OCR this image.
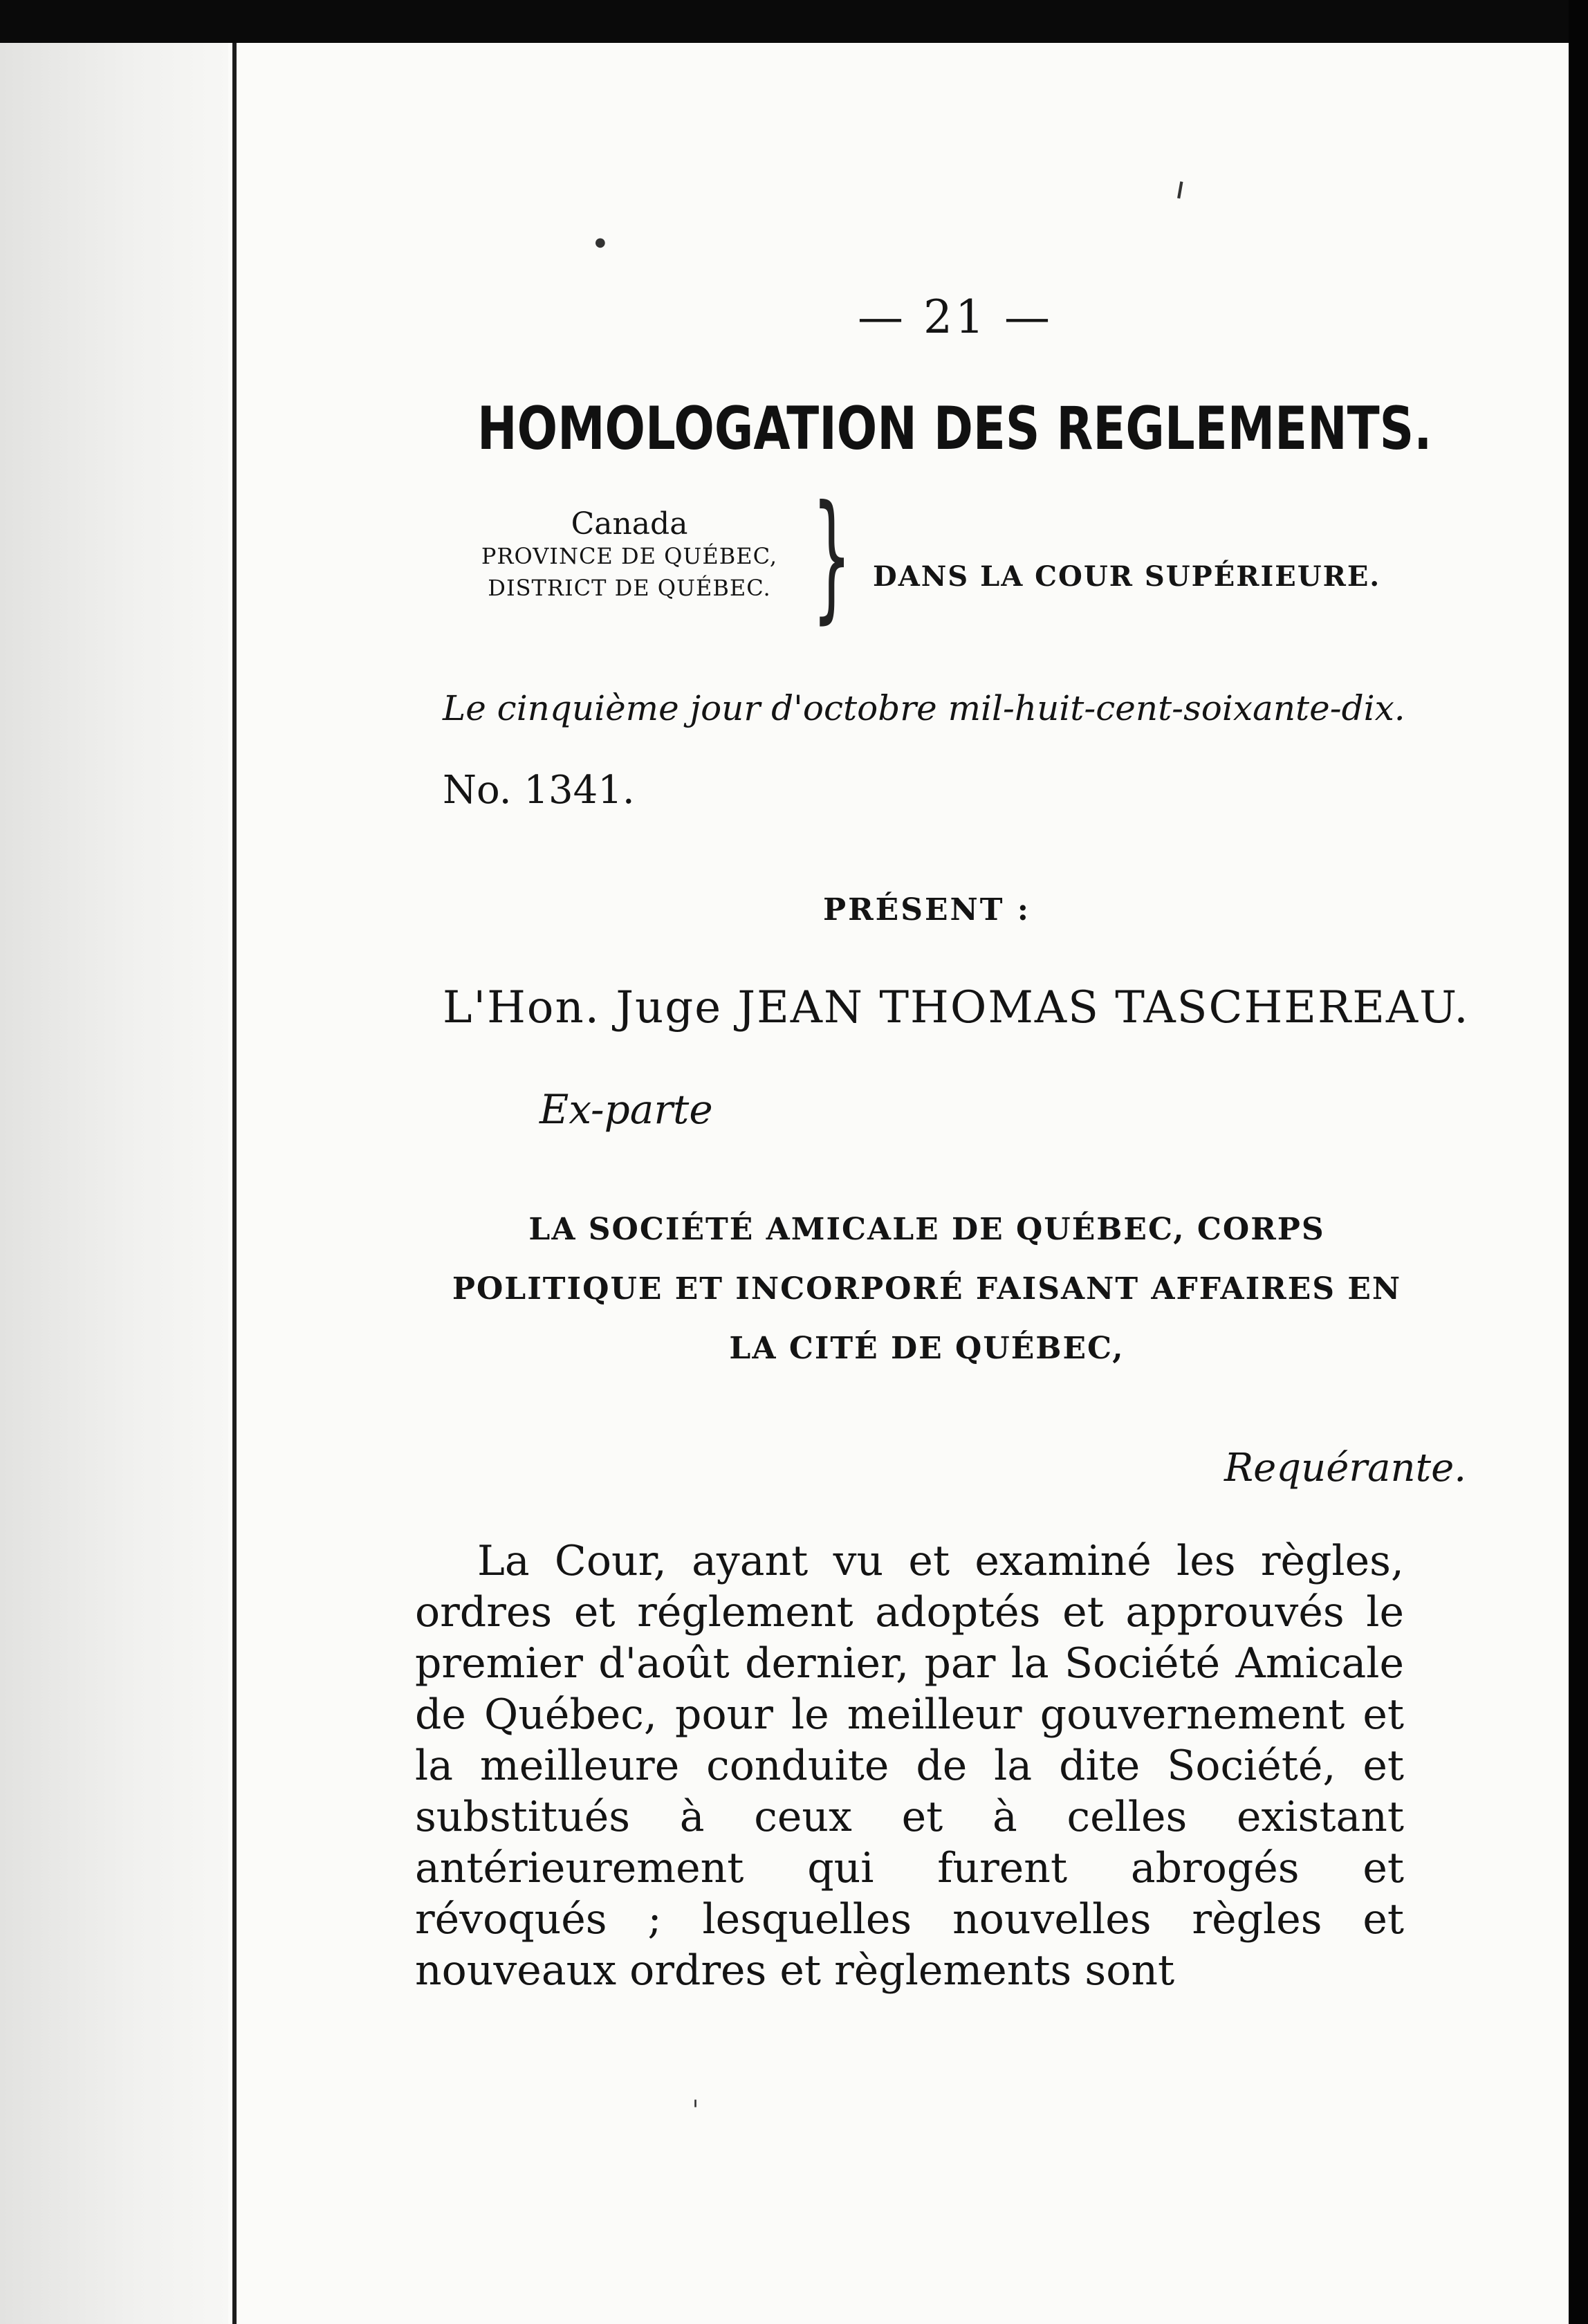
— 21 —

HOMOLOGATION DES REGLEMENTS.
Canada
PROVINCE DE QUÉBEC,
DISTRICT DE QUÉBEC. } DANS LA COUR SUPÉRIEURE.

Le cinquième jour d'octobre mil-huit-cent-soixante-dix.

No. 1341.

PRÉSENT :

L'Hon. Juge JEAN THOMAS TASCHEREAU.

Ex-parte

LA SOCIÉTÉ AMICALE DE QUÉBEC, CORPS POLITIQUE ET INCORPORÉ FAISANT AFFAIRES EN LA CITÉ DE QUÉBEC,

Requérante.

La Cour, ayant vu et examiné les règles, ordres et réglement adoptés et approuvés le premier d'août dernier, par la Société Amicale de Québec, pour le meilleur gouvernement et la meilleure conduite de la dite Société, et substitués à ceux et à celles existant antérieurement qui furent abrogés et révoqués ; lesquelles nouvelles règles et nouveaux ordres et règlements sont

●
ᐟ
ˈ
